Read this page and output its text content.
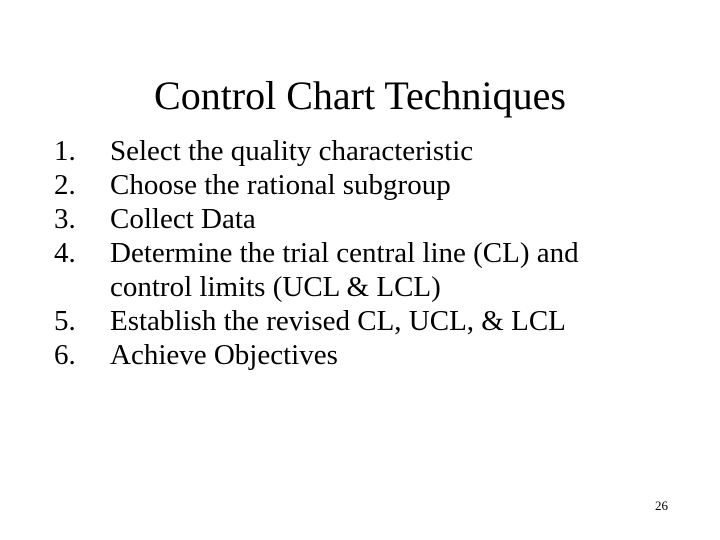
Control Chart Techniques
1. Select the quality characteristic
2. Choose the rational subgroup
3. Collect Data
4. Determine the trial central line (CL) and
control limits (UCL & LCL)
5. Establish the revised CL, UCL, & LCL
6. Achieve Objectives
26
